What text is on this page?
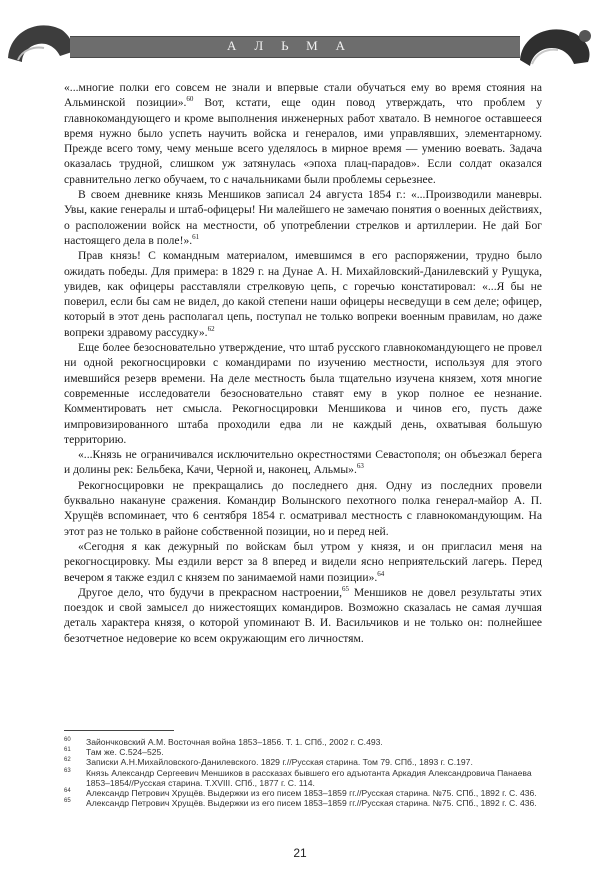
АЛЬМА

«...многие полки его совсем не знали и впервые стали обучаться ему во время стояния на Альминской позиции».$^{60}$ Вот, кстати, еще один повод утверждать, что проблем у главнокомандующего и кроме выполнения инженерных работ хватало. В немногое оставшееся время нужно было успеть научить войска и генералов, ими управлявших, элементарному. Прежде всего тому, чему меньше всего уделялось в мирное время — умению воевать. Задача оказалась трудной, слишком уж затянулась «эпоха плац-парадов». Если солдат оказался сравнительно легко обучаем, то с начальниками были проблемы серьезнее.

В своем дневнике князь Меншиков записал 24 августа 1854 г.: «...Производили маневры. Увы, какие генералы и штаб-офицеры! Ни малейшего не замечаю понятия о военных действиях, о расположении войск на местности, об употреблении стрелков и артиллерии. Не дай Бог настоящего дела в поле!».$^{61}$

Прав князь! С командным материалом, имевшимся в его распоряжении, трудно было ожидать победы. Для примера: в 1829 г. на Дунае А. Н. Михайловский-Данилевский у Рущука, увидев, как офицеры расставляли стрелковую цепь, с горечью констатировал: «...Я бы не поверил, если бы сам не видел, до какой степени наши офицеры несведущи в сем деле; офицер, который в этот день располагал цепь, поступал не только вопреки военным правилам, но даже вопреки здравому рассудку».$^{62}$

Еще более безосновательно утверждение, что штаб русского главнокомандующего не провел ни одной рекогносцировки с командирами по изучению местности, используя для этого имевшийся резерв времени. На деле местность была тщательно изучена князем, хотя многие современные исследователи безосновательно ставят ему в укор полное ее незнание. Комментировать нет смысла. Рекогносцировки Меншикова и чинов его, пусть даже импровизированного штаба проходили едва ли не каждый день, охватывая большую территорию.

«...Князь не ограничивался исключительно окрестностями Севастополя; он объезжал берега и долины рек: Бельбека, Качи, Черной и, наконец, Альмы».$^{63}$

Рекогносцировки не прекращались до последнего дня. Одну из последних провели буквально накануне сражения. Командир Волынского пехотного полка генерал-майор А. П. Хрущёв вспоминает, что 6 сентября 1854 г. осматривал местность с главнокомандующим. На этот раз не только в районе собственной позиции, но и перед ней.

«Сегодня я как дежурный по войскам был утром у князя, и он пригласил меня на рекогносцировку. Мы ездили верст за 8 вперед и видели ясно неприятельский лагерь. Перед вечером я также ездил с князем по занимаемой нами позиции».$^{64}$

Другое дело, что будучи в прекрасном настроении,$^{65}$ Меншиков не довел результаты этих поездок и свой замысел до нижестоящих командиров. Возможно сказалась не самая лучшая деталь характера князя, о которой упоминают В. И. Васильчиков и не только он: полнейшее безотчетное недоверие ко всем окружающим его личностям.

60 Зайончковский А.М. Восточная война 1853–1856. Т. 1. СПб., 2002 г. С.493.
61 Там же. С.524–525.
62 Записки А.Н.Михайловского-Данилевского. 1829 г.//Русская старина. Том 79. СПб., 1893 г. С.197.
63 Князь Александр Сергеевич Меншиков в рассказах бывшего его адъютанта Аркадия Александровича Панаева 1853–1854//Русская старина. Т.XVIII. СПб., 1877 г. С. 114.
64 Александр Петрович Хрущёв. Выдержки из его писем 1853–1859 гг.//Русская старина. №75. СПб., 1892 г. С. 436.
65 Александр Петрович Хрущёв. Выдержки из его писем 1853–1859 гг.//Русская старина. №75. СПб., 1892 г. С. 436.
21
